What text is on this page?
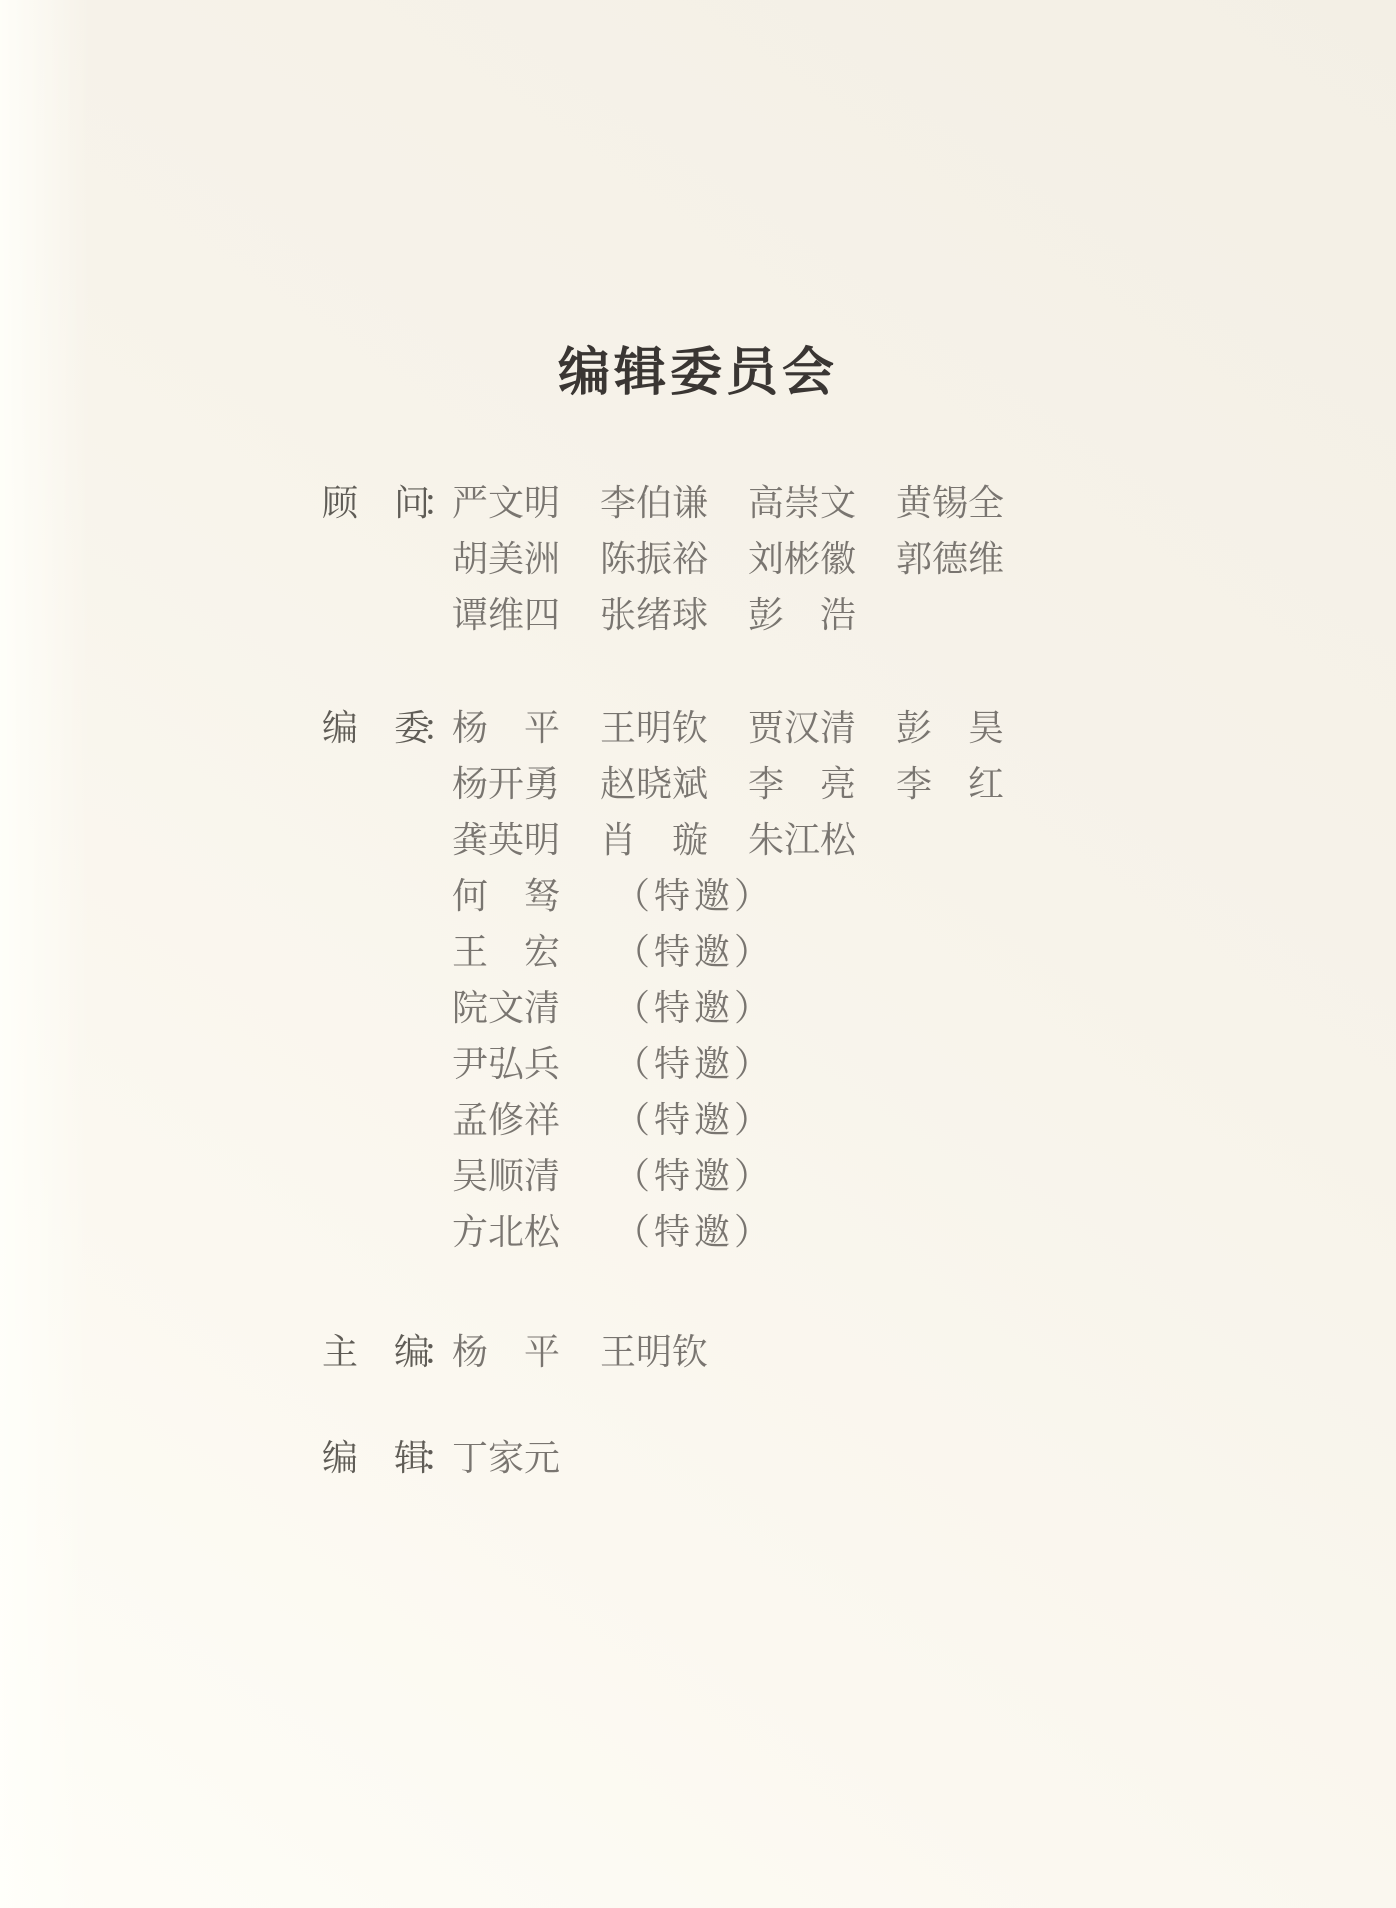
编辑委员会
顾　问：
严文明 李伯谦 高崇文 黄锡全
胡美洲 陈振裕 刘彬徽 郭德维
谭维四 张绪球 彭　浩
编　委：
杨　平 王明钦 贾汉清 彭　昊
杨开勇 赵晓斌 李　亮 李　红
龚英明 肖　璇 朱江松
何　驽 （特邀）
王　宏 （特邀）
院文清 （特邀）
尹弘兵 （特邀）
孟修祥 （特邀）
吴顺清 （特邀）
方北松 （特邀）
主　编：
杨　平 王明钦
编　辑：
丁家元
